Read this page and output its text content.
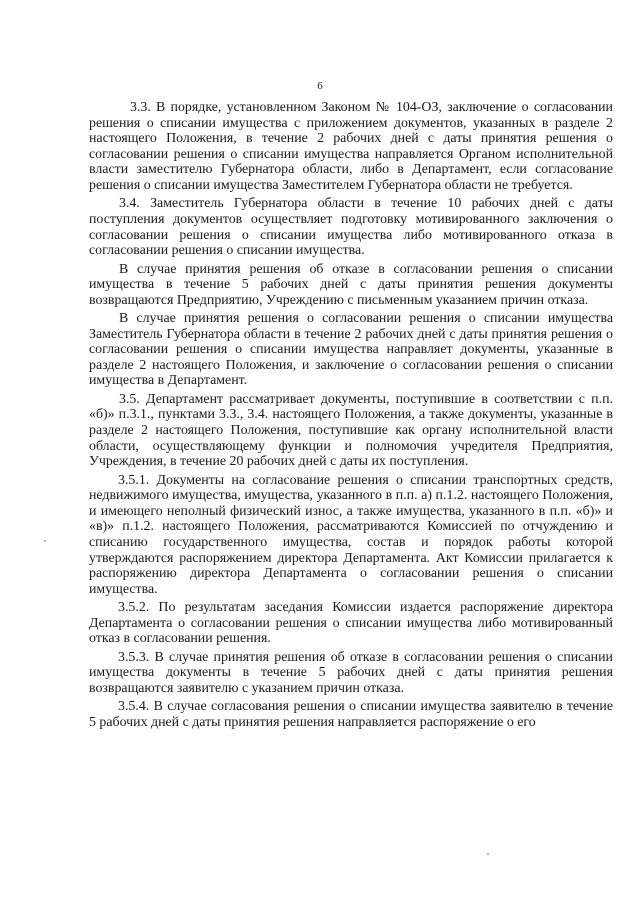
6

3.3. В порядке, установленном Законом № 104-ОЗ, заключение о согласовании решения о списании имущества с приложением документов, указанных в разделе 2 настоящего Положения, в течение 2 рабочих дней с даты принятия решения о согласовании решения о списании имущества направляется Органом исполнительной власти заместителю Губернатора области, либо в Департамент, если согласование решения о списании имущества Заместителем Губернатора области не требуется.

3.4. Заместитель Губернатора области в течение 10 рабочих дней с даты поступления документов осуществляет подготовку мотивированного заключения о согласовании решения о списании имущества либо мотивированного отказа в согласовании решения о списании имущества.

В случае принятия решения об отказе в согласовании решения о списании имущества в течение 5 рабочих дней с даты принятия решения документы возвращаются Предприятию, Учреждению с письменным указанием причин отказа.

В случае принятия решения о согласовании решения о списании имущества Заместитель Губернатора области в течение 2 рабочих дней с даты принятия решения о согласовании решения о списании имущества направляет документы, указанные в разделе 2 настоящего Положения, и заключение о согласовании решения о списании имущества в Департамент.

3.5. Департамент рассматривает документы, поступившие в соответствии с п.п. «б)» п.3.1., пунктами 3.3., 3.4. настоящего Положения, а также документы, указанные в разделе 2 настоящего Положения, поступившие как органу исполнительной власти области, осуществляющему функции и полномочия учредителя Предприятия, Учреждения, в течение 20 рабочих дней с даты их поступления.

3.5.1. Документы на согласование решения о списании транспортных средств, недвижимого имущества, имущества, указанного в п.п. а) п.1.2. настоящего Положения, и имеющего неполный физический износ, а также имущества, указанного в п.п. «б)» и «в)» п.1.2. настоящего Положения, рассматриваются Комиссией по отчуждению и списанию государственного имущества, состав и порядок работы которой утверждаются распоряжением директора Департамента. Акт Комиссии прилагается к распоряжению директора Департамента о согласовании решения о списании имущества.

3.5.2. По результатам заседания Комиссии издается распоряжение директора Департамента о согласовании решения о списании имущества либо мотивированный отказ в согласовании решения.

3.5.3. В случае принятия решения об отказе в согласовании решения о списании имущества документы в течение 5 рабочих дней с даты принятия решения возвращаются заявителю с указанием причин отказа.

3.5.4. В случае согласования решения о списании имущества заявителю в течение 5 рабочих дней с даты принятия решения направляется распоряжение о его
